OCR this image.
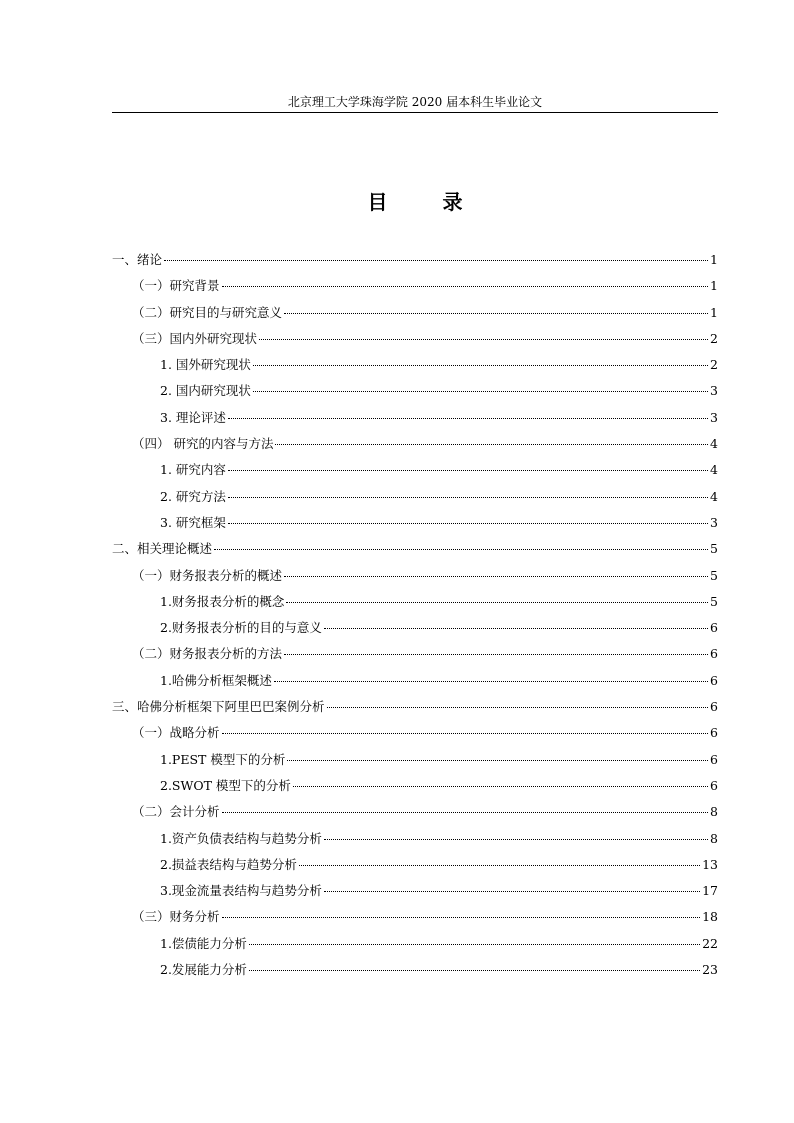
北京理工大学珠海学院 2020 届本科生毕业论文
目 录
一、绪论	1
（一）研究背景	1
（二）研究目的与研究意义	1
（三）国内外研究现状	2
1. 国外研究现状	2
2. 国内研究现状	3
3. 理论评述	3
（四） 研究的内容与方法	4
1. 研究内容	4
2. 研究方法	4
3. 研究框架	3
二、相关理论概述	5
（一）财务报表分析的概述	5
1.财务报表分析的概念	5
2.财务报表分析的目的与意义	6
（二）财务报表分析的方法	6
1.哈佛分析框架概述	6
三、哈佛分析框架下阿里巴巴案例分析	6
（一）战略分析	6
1.PEST 模型下的分析	6
2.SWOT 模型下的分析	6
（二）会计分析	8
1.资产负债表结构与趋势分析	8
2.损益表结构与趋势分析	13
3.现金流量表结构与趋势分析	17
（三）财务分析	18
1.偿债能力分析	22
2.发展能力分析	23
